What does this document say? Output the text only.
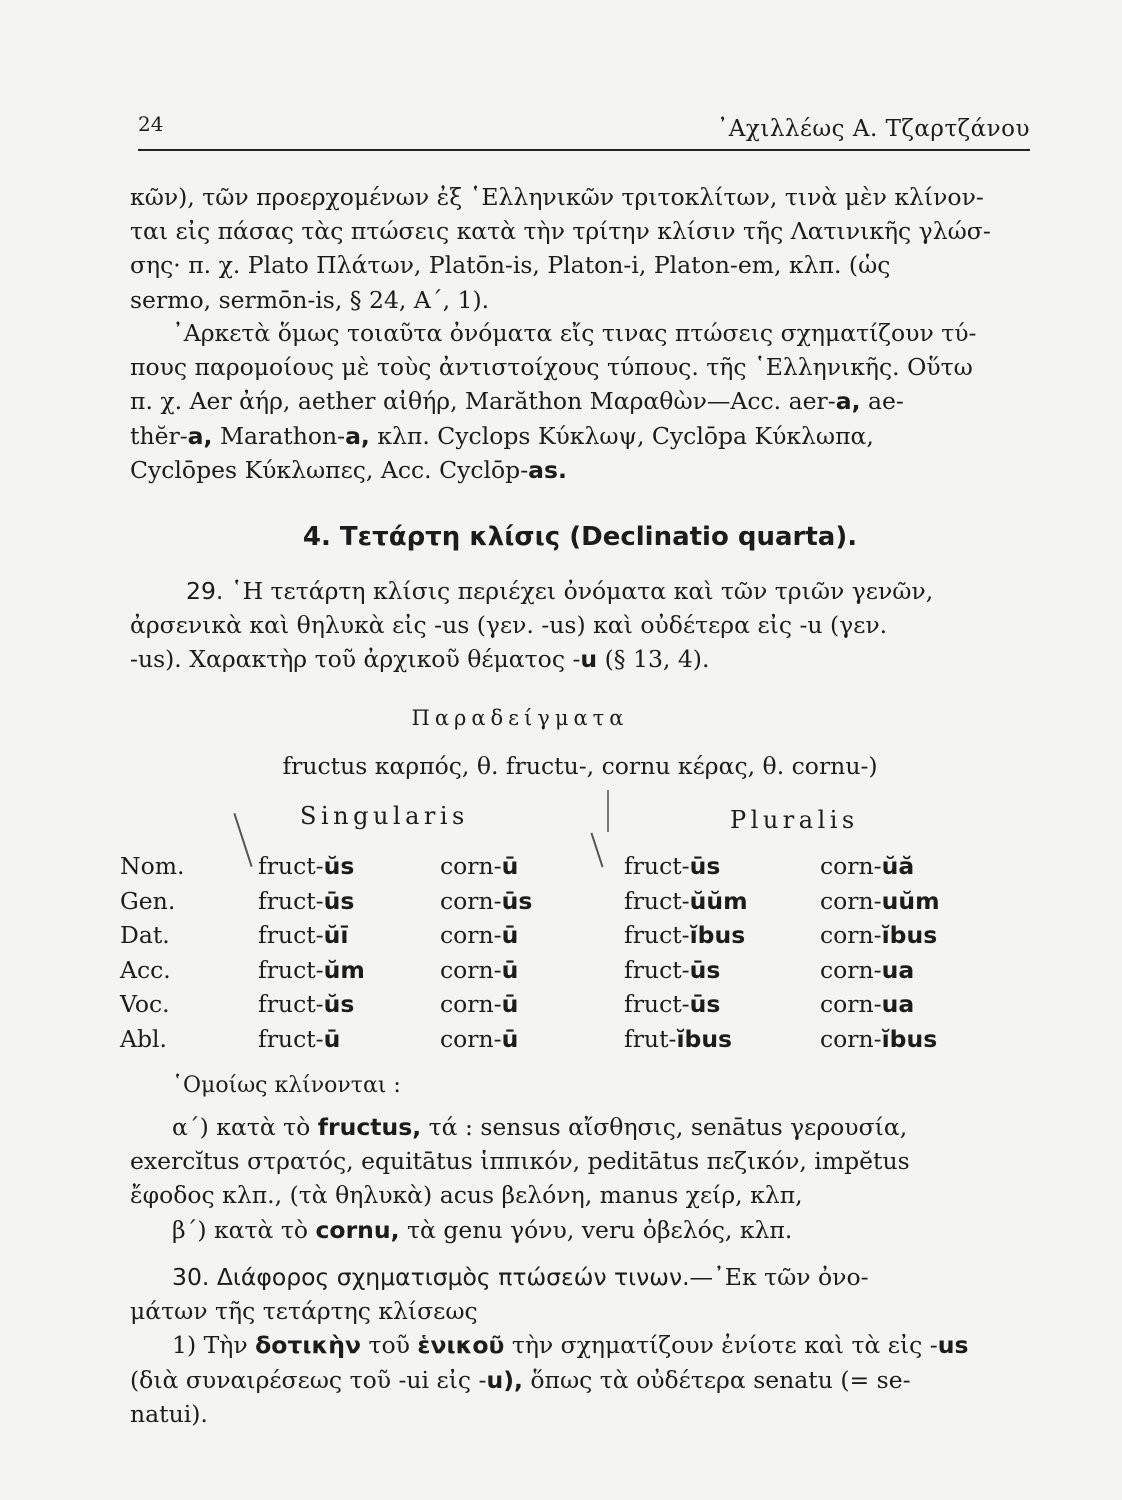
24	᾿Αχιλλέως Α. Τζαρτζάνου
κῶν), τῶν προερχομένων ἐξ ῾Ελληνικῶν τριτοκλίτων, τινὰ μὲν κλίνον-
ται εἰς πάσας τὰς πτώσεις κατὰ τὴν τρίτην κλίσιν τῆς Λατινικῆς γλώσ-
σης· π. χ. Plato Πλάτων, Platōn-is, Platon-i, Platon-em, κλπ. (ὡς
sermo, sermōn-is, § 24, Α΄, 1).
᾿Αρκετὰ ὅμως τοιαῦτα ὀνόματα εἴς τινας πτώσεις σχηματίζουν τύ-
πους παρομοίους μὲ τοὺς ἀντιστοίχους τύπους. τῆς ῾Ελληνικῆς. Οὕτω
π. χ. Aer ἀήρ, aether αἰθήρ, Marăthon Μαραθὼν—Acc. aer-a, ae-
thĕr-a, Marathon-a, κλπ. Cyclops Κύκλωψ, Cyclōpa Κύκλωπα,
Cyclōpes Κύκλωπες, Acc. Cyclōp-as.
4. Τετάρτη κλίσις (Declinatio quarta).
29. ῾Η τετάρτη κλίσις περιέχει ὀνόματα καὶ τῶν τριῶν γενῶν,
ἀρσενικὰ καὶ θηλυκὰ εἰς -us (γεν. -us) καὶ οὐδέτερα εἰς -u (γεν.
-us). Χαρακτὴρ τοῦ ἀρχικοῦ θέματος -u (§ 13, 4).
Παραδείγματα
fructus καρπός, θ. fructu-, cornu κέρας, θ. cornu-)
Singularis	Pluralis
Nom.	fruct-ŭs	corn-ū	fruct-ūs	corn-ŭă
Gen.	fruct-ūs	corn-ūs	fruct-ŭŭm	corn-uŭm
Dat.	fruct-ŭī	corn-ū	fruct-ĭbus	corn-ĭbus
Acc.	fruct-ŭm	corn-ū	fruct-ūs	corn-ua
Voc.	fruct-ŭs	corn-ū	fruct-ūs	corn-ua
Abl.	fruct-ū	corn-ū	frut-ĭbus	corn-ĭbus
῾Ομοίως κλίνονται :
α΄) κατὰ τὸ fructus, τά : sensus αἴσθησις, senātus γερουσία,
exercĭtus στρατός, equitātus ἱππικόν, peditātus πεζικόν, impĕtus
ἔφοδος κλπ., (τὰ θηλυκὰ) acus βελόνη, manus χείρ, κλπ,
β΄) κατὰ τὸ cornu, τὰ genu γόνυ, veru ὀβελός, κλπ.
30. Διάφορος σχηματισμὸς πτώσεών τινων.—᾿Εκ τῶν ὀνο-
μάτων τῆς τετάρτης κλίσεως
1) Τὴν δοτικὴν τοῦ ἑνικοῦ τὴν σχηματίζουν ἐνίοτε καὶ τὰ εἰς -us
(διὰ συναιρέσεως τοῦ -ui εἰς -u), ὅπως τὰ οὐδέτερα senatu (= se-
natui).
